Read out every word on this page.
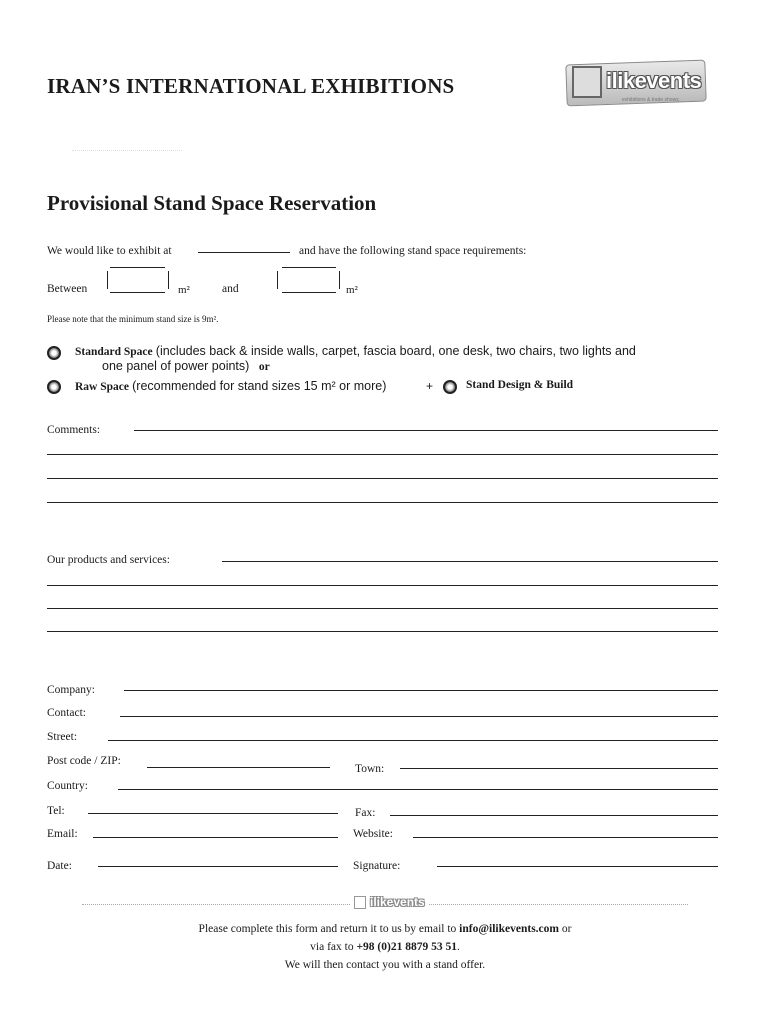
IRAN’S INTERNATIONAL EXHIBITIONS	ilikevents
exhibitions & trade shows
Provisional Stand Space Reservation
We would like to exhibit at	and have the following stand space requirements:
Between	m²	and	m²
Please note that the minimum stand size is 9m².
Standard Space (includes back & inside walls, carpet, fascia board, one desk, two chairs, two lights and
one panel of power points) or
Raw Space (recommended for stand sizes 15 m² or more)	+	Stand Design & Build
Comments:
Our products and services:
Company:
Contact:
Street:
Post code / ZIP:
Town:
Country:
Tel:	Fax:
Email:	Website:
Date:	Signature:
ilikevents
Please complete this form and return it to us by email to info@ilikevents.com or
via fax to +98 (0)21 8879 53 51.
We will then contact you with a stand offer.
